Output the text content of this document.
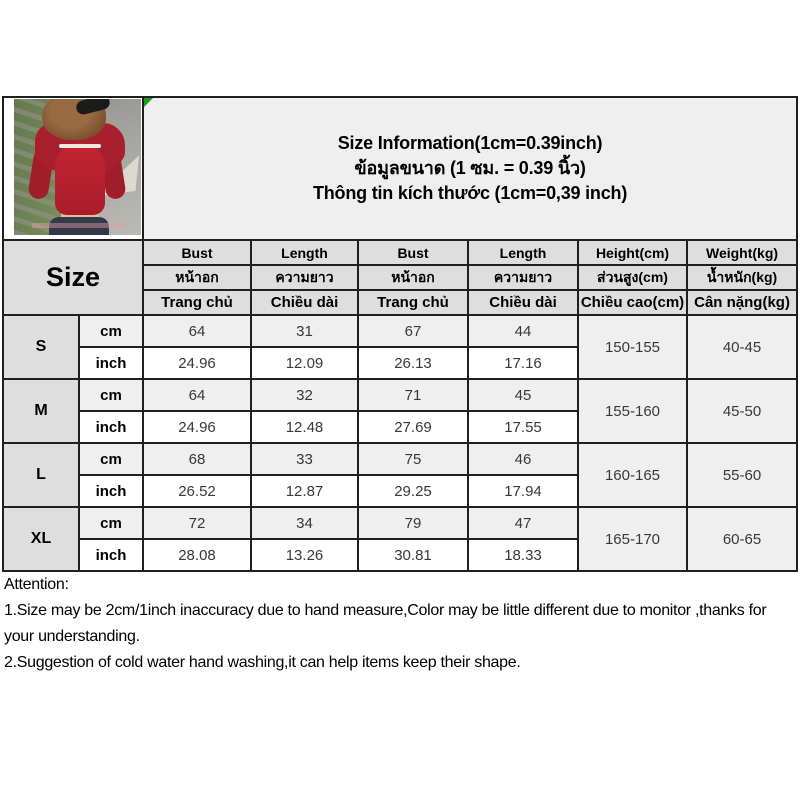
		Size Information(1cm=0.39inch)
ข้อมูลขนาด (1 ซม. = 0.39 นิ้ว)
Thông tin kích thước (1cm=0,39 inch)					

Size		Bust	Length	Bust	Length	Height(cm)	Weight(kg)
		หน้าอก	ความยาว	หน้าอก	ความยาว	ส่วนสูง(cm)	น้ำหนัก(kg)
		Trang chủ	Chiều dài	Trang chủ	Chiều dài	Chiều cao(cm)	Cân nặng(kg)
S	cm	64	31	67	44	150-155	40-45
	inch	24.96	12.09	26.13	17.16		
M	cm	64	32	71	45	155-160	45-50
	inch	24.96	12.48	27.69	17.55		
L	cm	68	33	75	46	160-165	55-60
	inch	26.52	12.87	29.25	17.94		
XL	cm	72	34	79	47	165-170	60-65
	inch	28.08	13.26	30.81	18.33		
Attention:
1.Size may be 2cm/1inch inaccuracy due to hand measure,Color may be little different due to monitor ,thanks for your understanding.
2.Suggestion of cold water hand washing,it can help items keep their shape.
